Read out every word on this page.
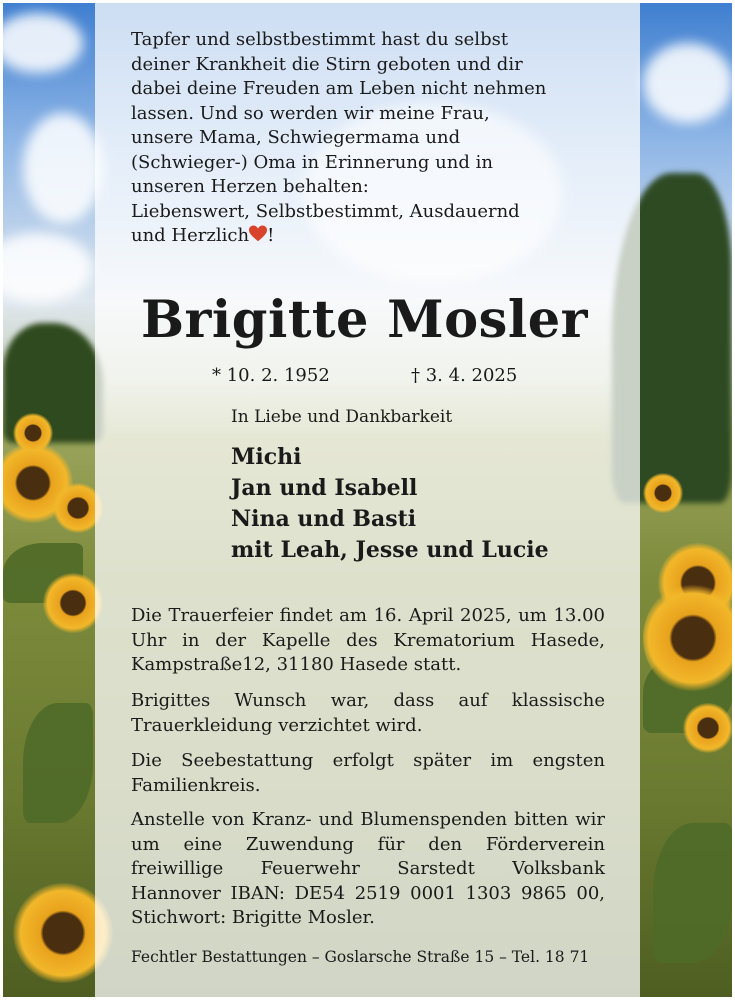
Tapfer und selbstbestimmt hast du selbst
deiner Krankheit die Stirn geboten und dir
dabei deine Freuden am Leben nicht nehmen
lassen. Und so werden wir meine Frau,
unsere Mama, Schwiegermama und
(Schwieger-) Oma in Erinnerung und in
unseren Herzen behalten:
Liebenswert, Selbstbestimmt, Ausdauernd
und Herzlich !

Brigitte Mosler
* 10. 2. 1952	† 3. 4. 2025
In Liebe und Dankbarkeit
Michi
Jan und Isabell
Nina und Basti
mit Leah, Jesse und Lucie

Die Trauerfeier findet am 16. April 2025, um 13.00 Uhr in der Kapelle des Krematorium Hasede, Kampstraße12, 31180 Hasede statt.

Brigittes Wunsch war, dass auf klassische Trauerkleidung verzichtet wird.

Die Seebestattung erfolgt später im engsten Familienkreis.

Anstelle von Kranz- und Blumenspenden bitten wir um eine Zuwendung für den Förderverein freiwillige Feuerwehr Sarstedt Volksbank Hannover IBAN: DE54 2519 0001 1303 9865 00, Stichwort: Brigitte Mosler.

Fechtler Bestattungen – Goslarsche Straße 15 – Tel. 18 71
